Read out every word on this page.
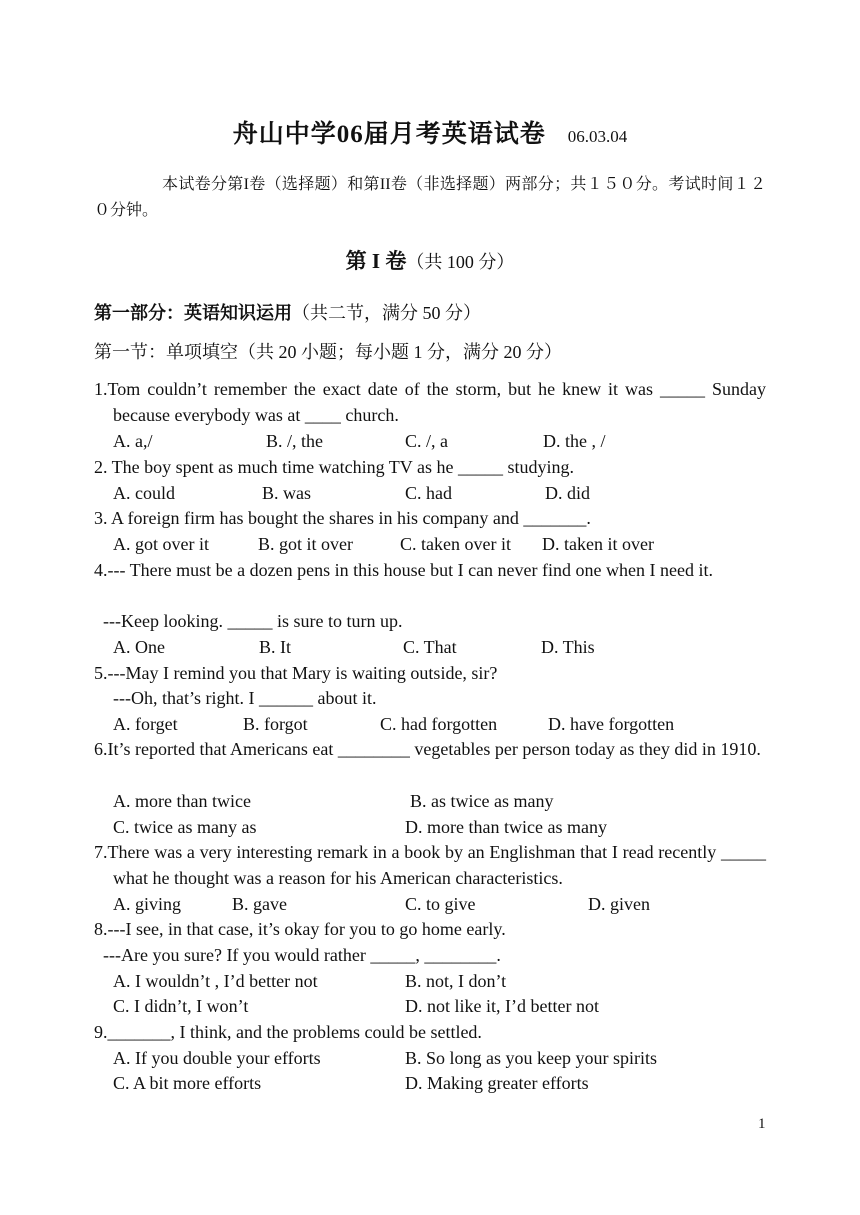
舟山中学06届月考英语试卷 06.03.04
本试卷分第I卷（选择题）和第II卷（非选择题）两部分；共１５０分。考试时间１２０分钟。
第 I 卷（共 100 分）
第一部分：英语知识运用（共二节，满分 50 分）
第一节：单项填空（共 20 小题；每小题 1 分，满分 20 分）
1.Tom couldn’t remember the exact date of the storm, but he knew it was _____ Sunday because everybody was at ____ church.
A. a,/	B. /, the	C. /, a	D. the , /
2. The boy spent as much time watching TV as he _____ studying.
A. could	B. was	C. had	D. did
3. A foreign firm has bought the shares in his company and _______.
A. got over it	B. got it over	C. taken over it D. taken it over
4.--- There must be a dozen pens in this house but I can never find one when I need it.
---Keep looking. _____ is sure to turn up.
A. One	B. It	C. That	D. This
5.---May I remind you that Mary is waiting outside, sir?
---Oh, that’s right. I ______ about it.
A. forget	B. forgot	C. had forgotten	D. have forgotten
6.It’s reported that Americans eat ________ vegetables per person today as they did in 1910.
A. more than twice	B. as twice as many
C. twice as many as	D. more than twice as many
7.There was a very interesting remark in a book by an Englishman that I read recently _____ what he thought was a reason for his American characteristics.
A. giving	B. gave	C. to give	D. given
8.---I see, in that case, it’s okay for you to go home early.
---Are you sure? If you would rather _____, ________.
A. I wouldn’t , I’d better not	B. not, I don’t
C. I didn’t, I won’t	D. not like it, I’d better not
9._______, I think, and the problems could be settled.
A. If you double your efforts	B. So long as you keep your spirits
C. A bit more efforts	D. Making greater efforts
1
